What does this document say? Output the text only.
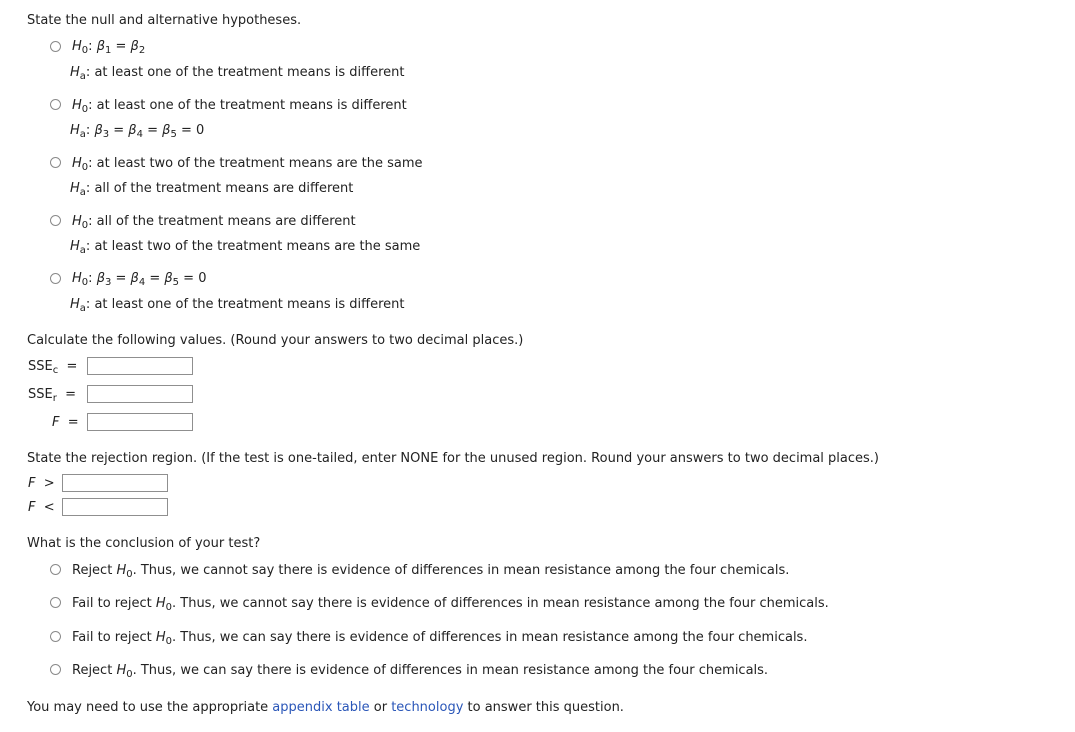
State the null and alternative hypotheses.
$H_0$: $\beta_1 = \beta_2$
$H_a$: at least one of the treatment means is different
$H_0$: at least one of the treatment means is different
$H_a$: $\beta_3 = \beta_4 = \beta_5 = 0$
$H_0$: at least two of the treatment means are the same
$H_a$: all of the treatment means are different
$H_0$: all of the treatment means are different
$H_a$: at least two of the treatment means are the same
$H_0$: $\beta_3 = \beta_4 = \beta_5 = 0$
$H_a$: at least one of the treatment means is different
Calculate the following values. (Round your answers to two decimal places.)
$SSE_c$ =
$SSE_r$ =
F =
State the rejection region. (If the test is one-tailed, enter NONE for the unused region. Round your answers to two decimal places.)
F >
F <
What is the conclusion of your test?
Reject $H_0$. Thus, we cannot say there is evidence of differences in mean resistance among the four chemicals.
Fail to reject $H_0$. Thus, we cannot say there is evidence of differences in mean resistance among the four chemicals.
Fail to reject $H_0$. Thus, we can say there is evidence of differences in mean resistance among the four chemicals.
Reject $H_0$. Thus, we can say there is evidence of differences in mean resistance among the four chemicals.
You may need to use the appropriate appendix table or technology to answer this question.
